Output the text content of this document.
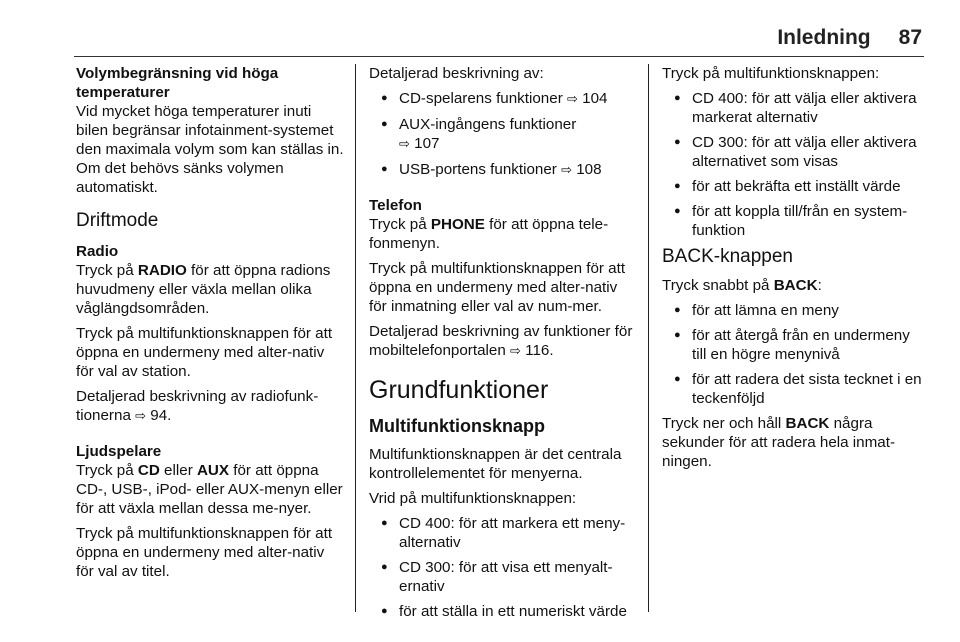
Inledning 87

Volymbegränsning vid höga temperaturer

Vid mycket höga temperaturer inuti bilen begränsar infotainment-systemet den maximala volym som kan ställas in. Om det behövs sänks volymen automatiskt.

Driftmode

Radio

Tryck på RADIO för att öppna radions huvudmeny eller växla mellan olika våglängdsområden.

Tryck på multifunktionsknappen för att öppna en undermeny med alter-nativ för val av station.

Detaljerad beskrivning av radiofunk-tionerna ⇨ 94.

Ljudspelare

Tryck på CD eller AUX för att öppna CD-, USB-, iPod- eller AUX-menyn eller för att växla mellan dessa me-nyer.

Tryck på multifunktionsknappen för att öppna en undermeny med alter-nativ för val av titel.

Detaljerad beskrivning av:

● CD-spelarens funktioner ⇨ 104
● AUX-ingångens funktioner
⇨ 107
● USB-portens funktioner ⇨ 108

Telefon

Tryck på PHONE för att öppna tele-fonmenyn.

Tryck på multifunktionsknappen för att öppna en undermeny med alter-nativ för inmatning eller val av num-mer.

Detaljerad beskrivning av funktioner för mobiltelefonportalen ⇨ 116.

Grundfunktioner
Multifunktionsknapp

Multifunktionsknappen är det centrala kontrollelementet för menyerna.

Vrid på multifunktionsknappen:

● CD 400: för att markera ett meny-alternativ
● CD 300: för att visa ett menyalt-ernativ
● för att ställa in ett numeriskt värde

Tryck på multifunktionsknappen:

● CD 400: för att välja eller aktivera markerat alternativ
● CD 300: för att välja eller aktivera alternativet som visas
● för att bekräfta ett inställt värde
● för att koppla till/från en system-funktion
BACK-knappen

Tryck snabbt på BACK:

● för att lämna en meny
● för att återgå från en undermeny till en högre menynivå
● för att radera det sista tecknet i en teckenföljd

Tryck ner och håll BACK några sekunder för att radera hela inmat-ningen.
